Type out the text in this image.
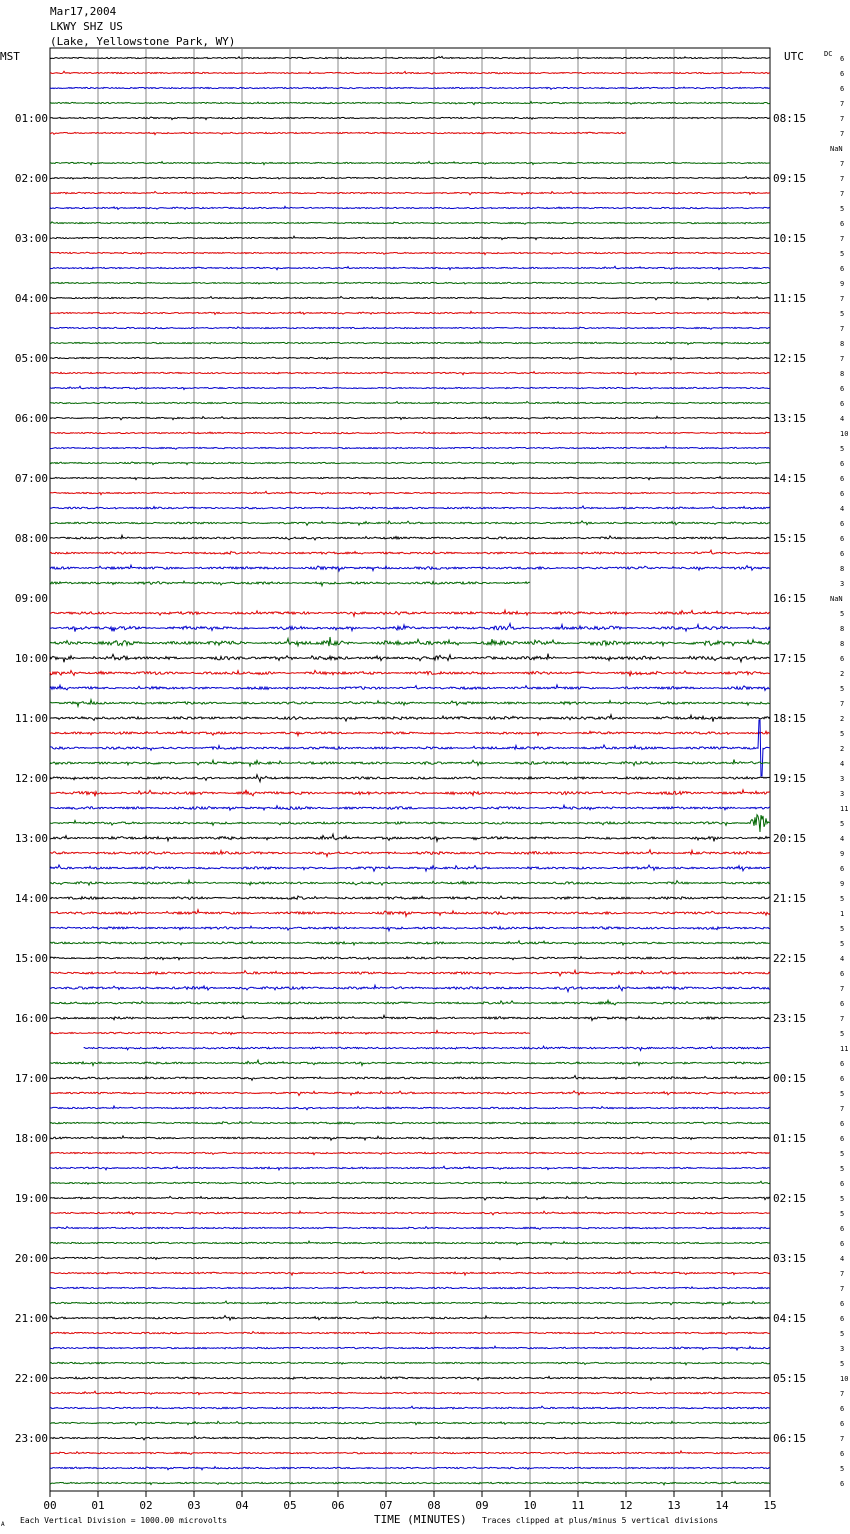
Mar17,2004
LKWY SHZ US
(Lake, Yellowstone Park, WY)
MST	UTC	DC
01:00
02:00
03:00
04:00
05:00
06:00
07:00
08:00
09:00
10:00
11:00
12:00
13:00
14:00
15:00
16:00
17:00
18:00
19:00
20:00
21:00
22:00
23:00
08:15
09:15
10:15
11:15
12:15
13:15
14:15
15:15
16:15
17:15
18:15
19:15
20:15
21:15
22:15
23:15
00:15
01:15
02:15
03:15
04:15
05:15
06:15
6
6
6
7
7
7
NaN
7
7
7
5
6
7
5
6
9
7
5
7
8
7
8
6
6
4
10
5
6
6
6
4
6
6
6
8
3
NaN
5
8
8
6
2
5
7
2
5
2
4
3
3
11
5
4
9
6
9
5
1
5
5
4
6
7
6
7
5
11
6
6
5
7
6
6
5
5
6
5
5
6
6
4
7
7
6
6
5
3
5
10
7
6
6
7
6
5
6
00	01	02	03	04	05	06	07	08	09	10	11	12	13	14	15
TIME (MINUTES)
Each Vertical Division = 1000.00 microvolts	Traces clipped at plus/minus 5 vertical divisions
A
